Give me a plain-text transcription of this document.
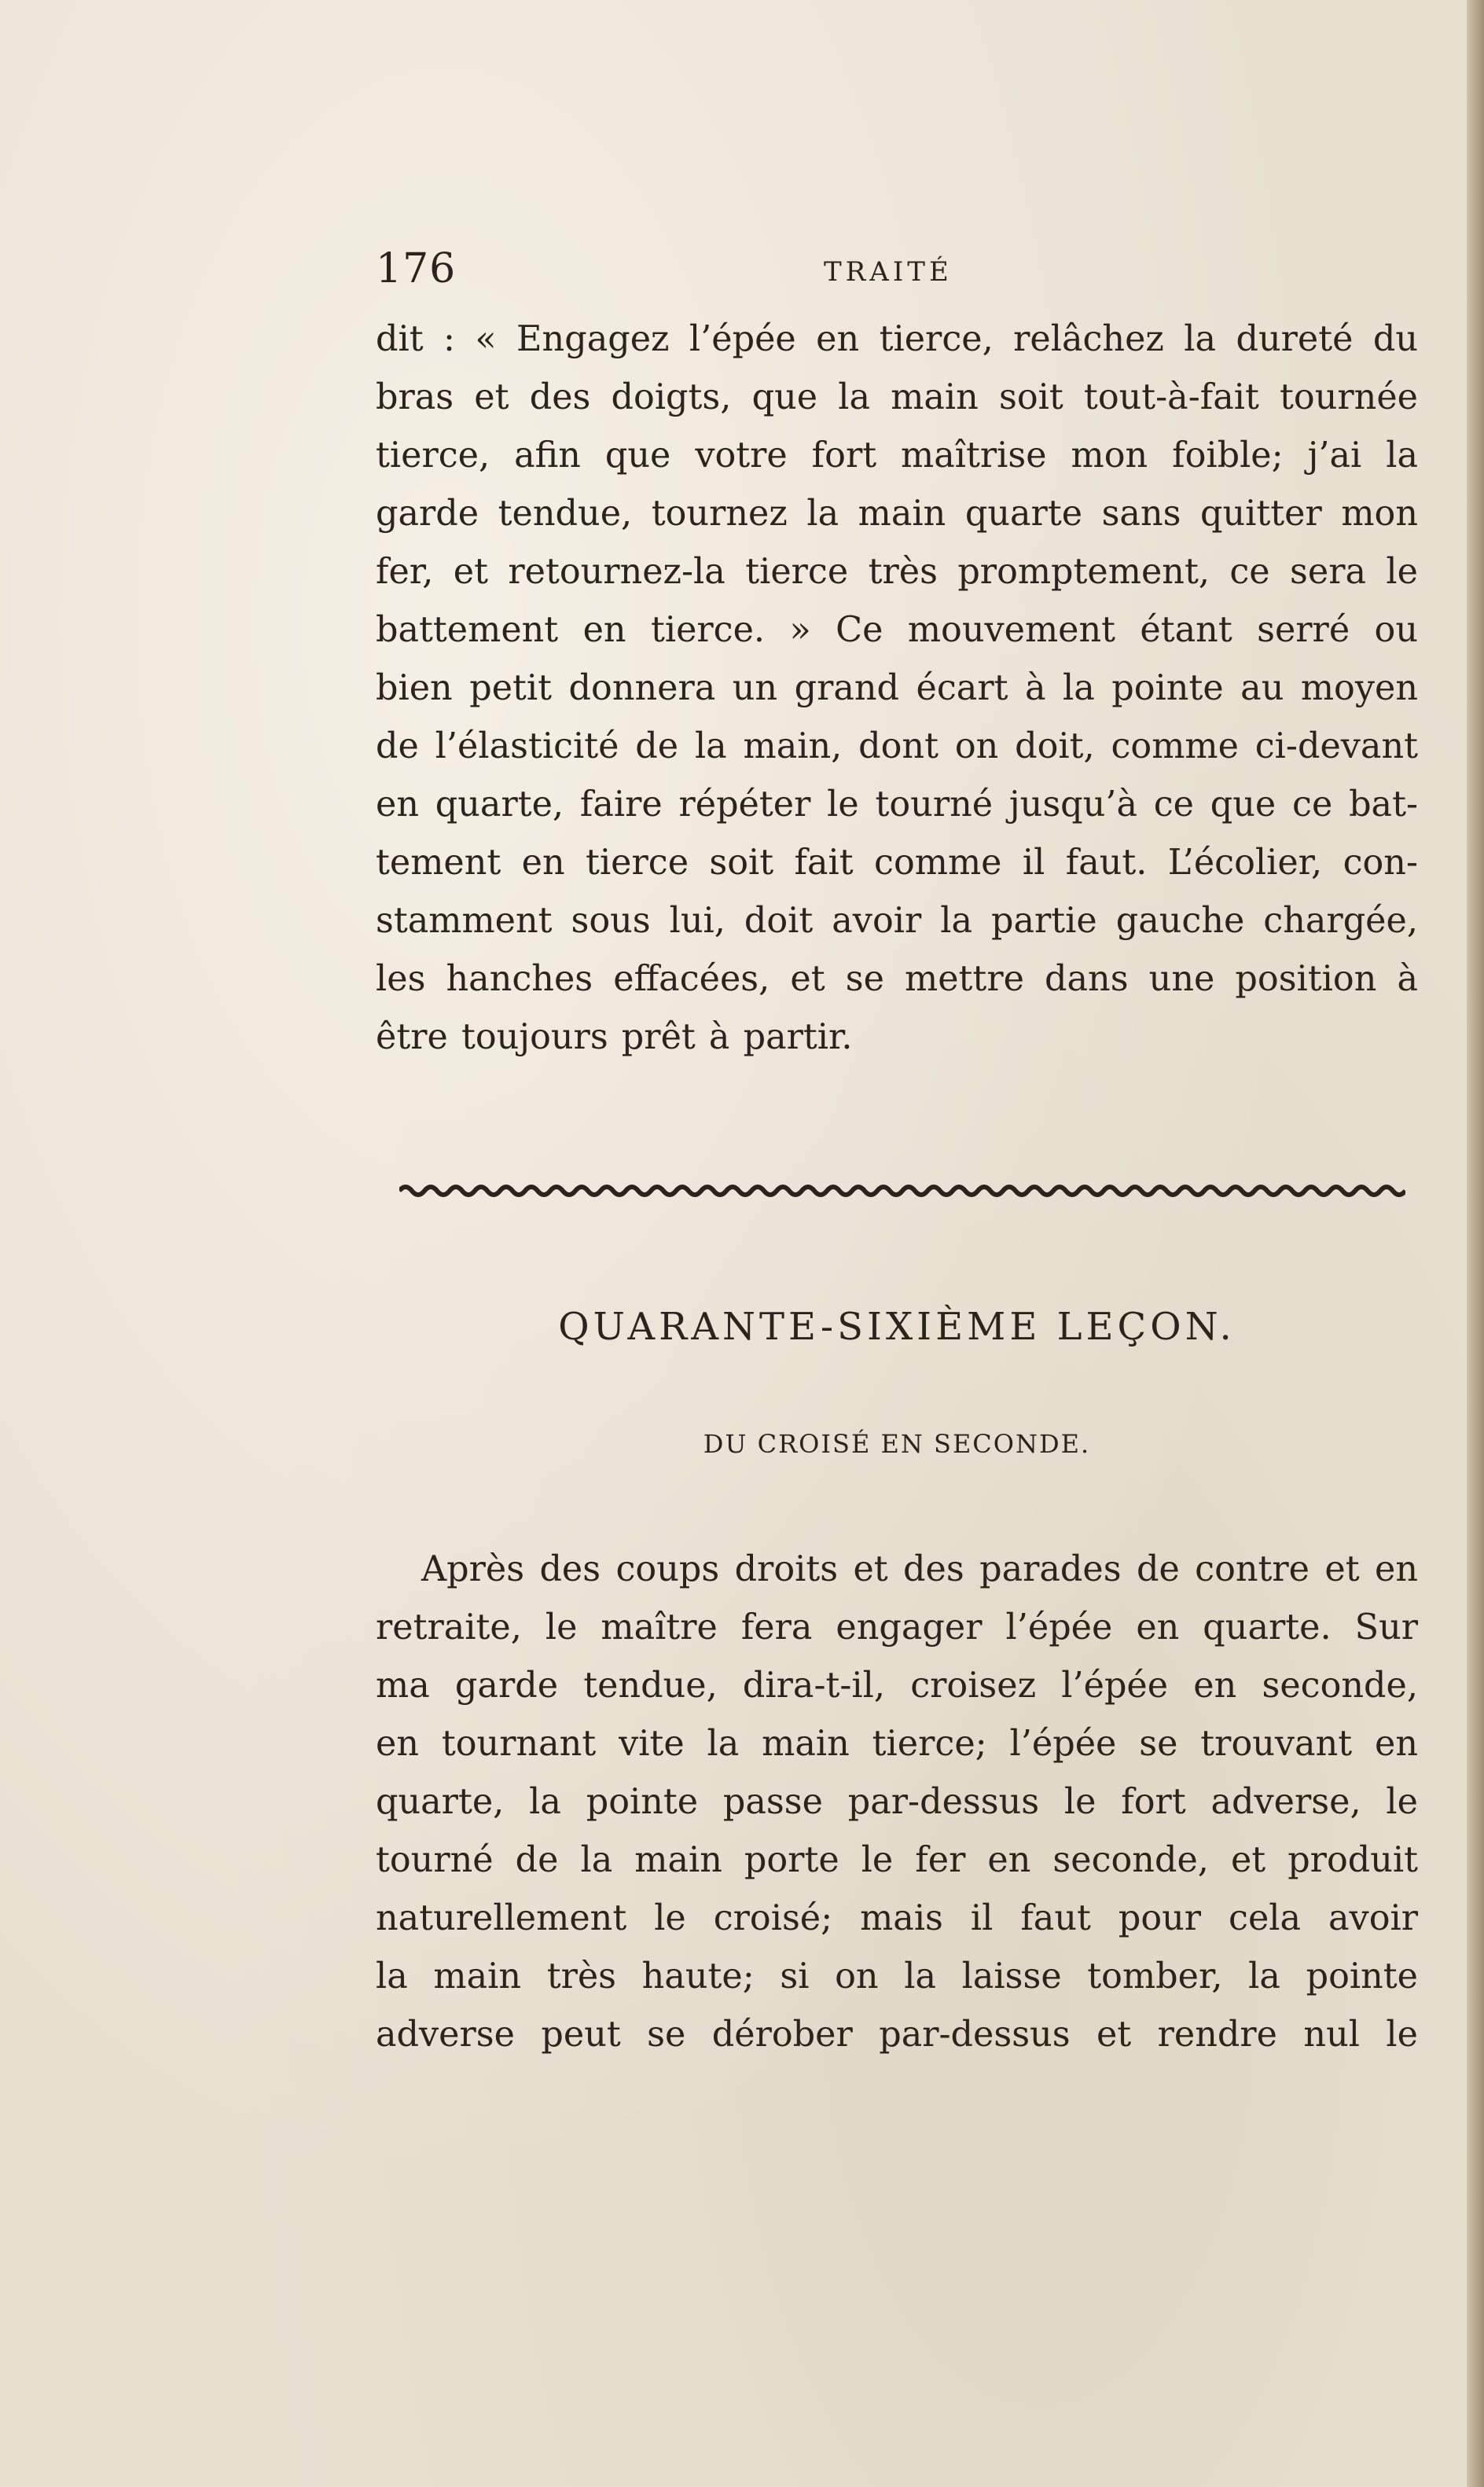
176	TRAITÉ
dit : « Engagez l’épée en tierce, relâchez la dureté du
bras et des doigts, que la main soit tout-à-fait tournée
tierce, afin que votre fort maîtrise mon foible; j’ai la
garde tendue, tournez la main quarte sans quitter mon
fer, et retournez-la tierce très promptement, ce sera le
battement en tierce. » Ce mouvement étant serré ou
bien petit donnera un grand écart à la pointe au moyen
de l’élasticité de la main, dont on doit, comme ci-devant
en quarte, faire répéter le tourné jusqu’à ce que ce bat-
tement en tierce soit fait comme il faut. L’écolier, con-
stamment sous lui, doit avoir la partie gauche chargée,
les hanches effacées, et se mettre dans une position à
être toujours prêt à partir.
QUARANTE-SIXIÈME LEÇON.
DU CROISÉ EN SECONDE.
Après des coups droits et des parades de contre et en
retraite, le maître fera engager l’épée en quarte. Sur
ma garde tendue, dira-t-il, croisez l’épée en seconde,
en tournant vite la main tierce; l’épée se trouvant en
quarte, la pointe passe par-dessus le fort adverse, le
tourné de la main porte le fer en seconde, et produit
naturellement le croisé; mais il faut pour cela avoir
la main très haute; si on la laisse tomber, la pointe
adverse peut se dérober par-dessus et rendre nul le
